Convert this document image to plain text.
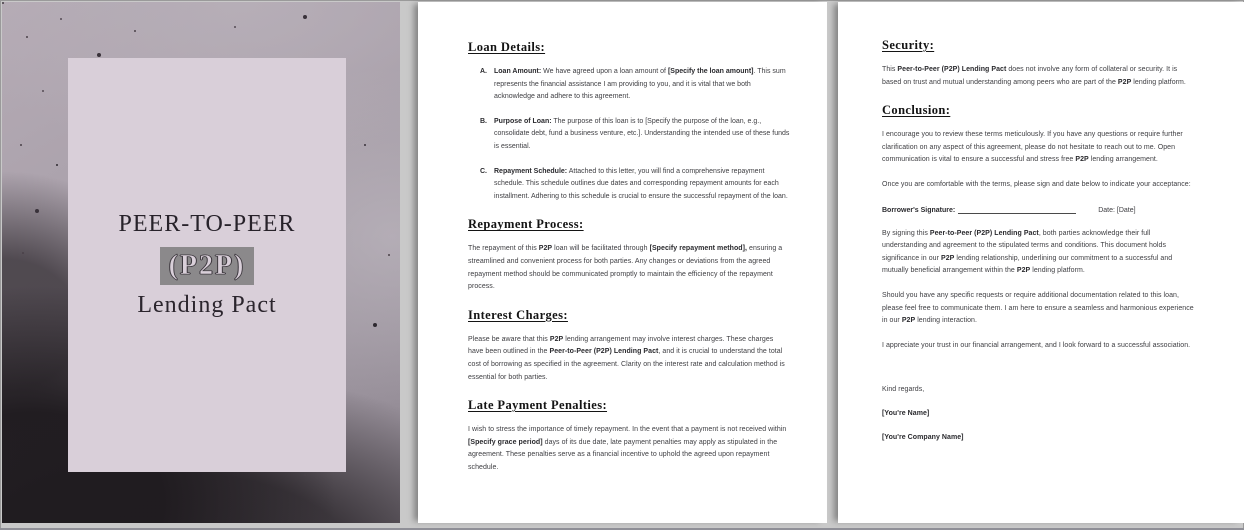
PEER-TO-PEER
(P2P)
Lending Pact
Loan Details:
A.	Loan Amount: We have agreed upon a loan amount of [Specify the loan amount]. This sum represents the financial assistance I am providing to you, and it is vital that we both acknowledge and adhere to this agreement.
B.	Purpose of Loan: The purpose of this loan is to [Specify the purpose of the loan, e.g., consolidate debt, fund a business venture, etc.]. Understanding the intended use of these funds is essential.
C.	Repayment Schedule: Attached to this letter, you will find a comprehensive repayment schedule. This schedule outlines due dates and corresponding repayment amounts for each installment. Adhering to this schedule is crucial to ensure the successful repayment of the loan.
Repayment Process:

The repayment of this P2P loan will be facilitated through [Specify repayment method], ensuring a streamlined and convenient process for both parties. Any changes or deviations from the agreed repayment method should be communicated promptly to maintain the efficiency of the repayment process.

Interest Charges:

Please be aware that this P2P lending arrangement may involve interest charges. These charges have been outlined in the Peer-to-Peer (P2P) Lending Pact, and it is crucial to understand the total cost of borrowing as specified in the agreement. Clarity on the interest rate and calculation method is essential for both parties.

Late Payment Penalties:

I wish to stress the importance of timely repayment. In the event that a payment is not received within [Specify grace period] days of its due date, late payment penalties may apply as stipulated in the agreement. These penalties serve as a financial incentive to uphold the agreed upon repayment schedule.

Security:

This Peer-to-Peer (P2P) Lending Pact does not involve any form of collateral or security. It is based on trust and mutual understanding among peers who are part of the P2P lending platform.

Conclusion:

I encourage you to review these terms meticulously. If you have any questions or require further clarification on any aspect of this agreement, please do not hesitate to reach out to me. Open communication is vital to ensure a successful and stress free P2P lending arrangement.

Once you are comfortable with the terms, please sign and date below to indicate your acceptance:

Borrower's Signature:	Date: [Date]

By signing this Peer-to-Peer (P2P) Lending Pact, both parties acknowledge their full understanding and agreement to the stipulated terms and conditions. This document holds significance in our P2P lending relationship, underlining our commitment to a successful and mutually beneficial arrangement within the P2P lending platform.

Should you have any specific requests or require additional documentation related to this loan, please feel free to communicate them. I am here to ensure a seamless and harmonious experience in our P2P lending interaction.

I appreciate your trust in our financial arrangement, and I look forward to a successful association.

Kind regards,

[You're Name]

[You're Company Name]
